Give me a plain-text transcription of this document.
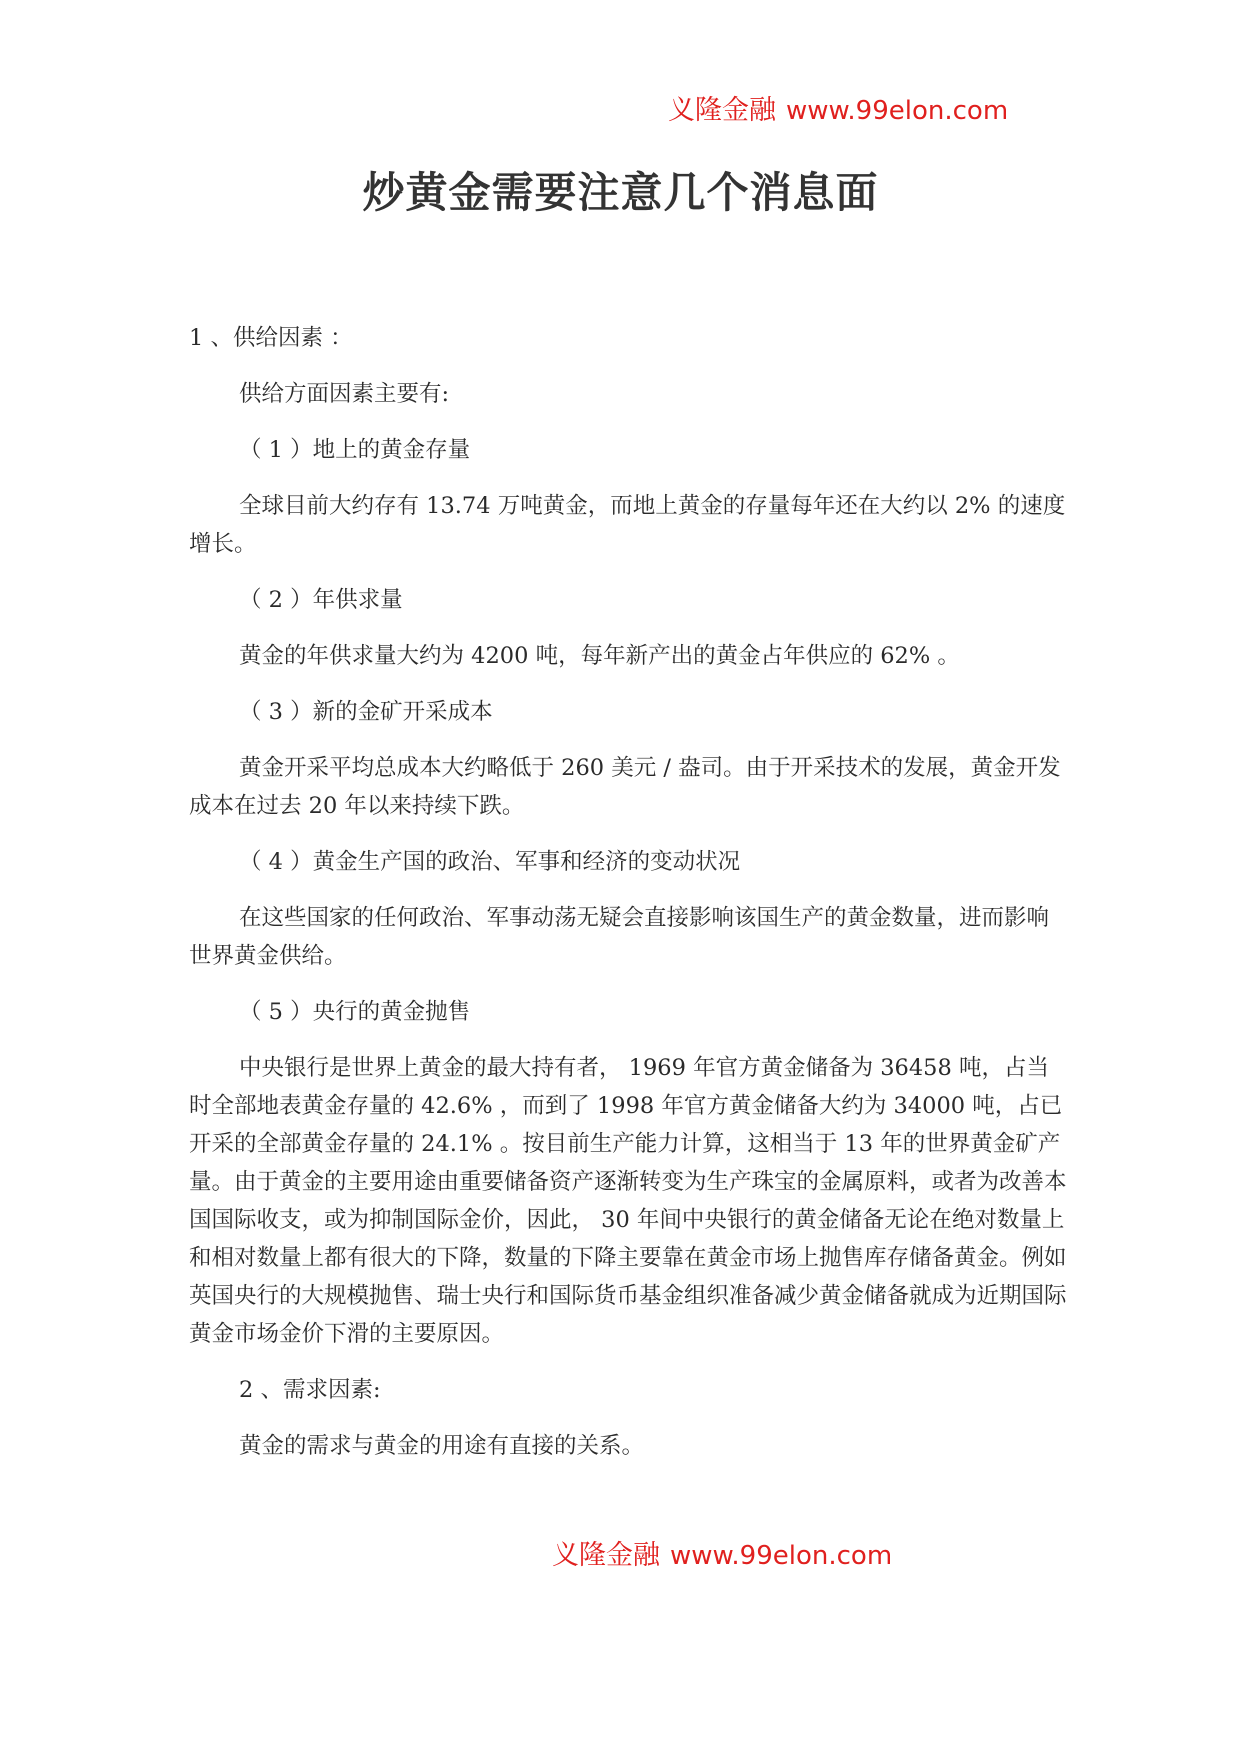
义隆金融 www.99elon.com
炒黄金需要注意几个消息面

1 、供给因素 ：

供给方面因素主要有:

（ 1 ）地上的黄金存量

全球目前大约存有 13.74 万吨黄金，而地上黄金的存量每年还在大约以 2% 的速度增长。

（ 2 ）年供求量

黄金的年供求量大约为 4200 吨，每年新产出的黄金占年供应的 62% 。

（ 3 ）新的金矿开采成本

黄金开采平均总成本大约略低于 260 美元 / 盎司。由于开采技术的发展，黄金开发成本在过去 20 年以来持续下跌。

（ 4 ）黄金生产国的政治、军事和经济的变动状况

在这些国家的任何政治、军事动荡无疑会直接影响该国生产的黄金数量，进而影响世界黄金供给。

（ 5 ）央行的黄金抛售

中央银行是世界上黄金的最大持有者， 1969 年官方黄金储备为 36458 吨，占当时全部地表黄金存量的 42.6% ，而到了 1998 年官方黄金储备大约为 34000 吨，占已开采的全部黄金存量的 24.1% 。按目前生产能力计算，这相当于 13 年的世界黄金矿产量。由于黄金的主要用途由重要储备资产逐渐转变为生产珠宝的金属原料，或者为改善本国国际收支，或为抑制国际金价，因此， 30 年间中央银行的黄金储备无论在绝对数量上和相对数量上都有很大的下降，数量的下降主要靠在黄金市场上抛售库存储备黄金。例如英国央行的大规模抛售、瑞士央行和国际货币基金组织准备减少黄金储备就成为近期国际黄金市场金价下滑的主要原因。

2 、需求因素:

黄金的需求与黄金的用途有直接的关系。

义隆金融 www.99elon.com
